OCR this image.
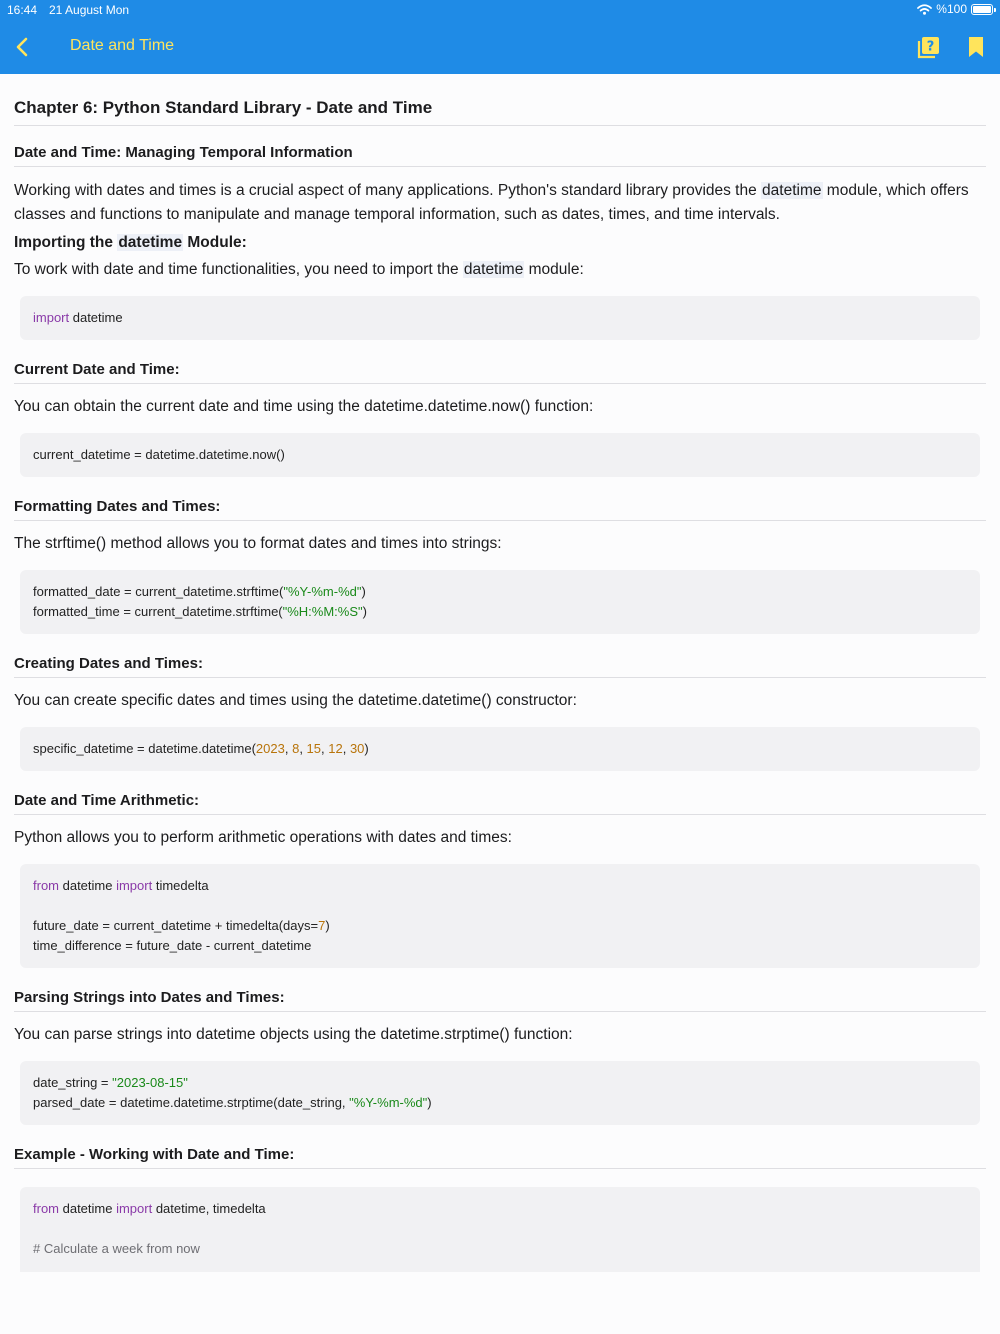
16:44 21 August Mon	%100
Date and Time	?
Chapter 6: Python Standard Library - Date and Time
Date and Time: Managing Temporal Information

Working with dates and times is a crucial aspect of many applications. Python's standard library provides the datetime module, which offers classes and functions to manipulate and manage temporal information, such as dates, times, and time intervals.

Importing the datetime Module:

To work with date and time functionalities, you need to import the datetime module:

import datetime
Current Date and Time:

You can obtain the current date and time using the datetime.datetime.now() function:

current_datetime = datetime.datetime.now()
Formatting Dates and Times:

The strftime() method allows you to format dates and times into strings:

formatted_date = current_datetime.strftime("%Y-%m-%d")
formatted_time = current_datetime.strftime("%H:%M:%S")
Creating Dates and Times:

You can create specific dates and times using the datetime.datetime() constructor:

specific_datetime = datetime.datetime(2023, 8, 15, 12, 30)
Date and Time Arithmetic:

Python allows you to perform arithmetic operations with dates and times:

from datetime import timedelta
future_date = current_datetime + timedelta(days=7)
time_difference = future_date - current_datetime
Parsing Strings into Dates and Times:

You can parse strings into datetime objects using the datetime.strptime() function:

date_string = "2023-08-15"
parsed_date = datetime.datetime.strptime(date_string, "%Y-%m-%d")
Example - Working with Date and Time:
from datetime import datetime, timedelta
# Calculate a week from now
